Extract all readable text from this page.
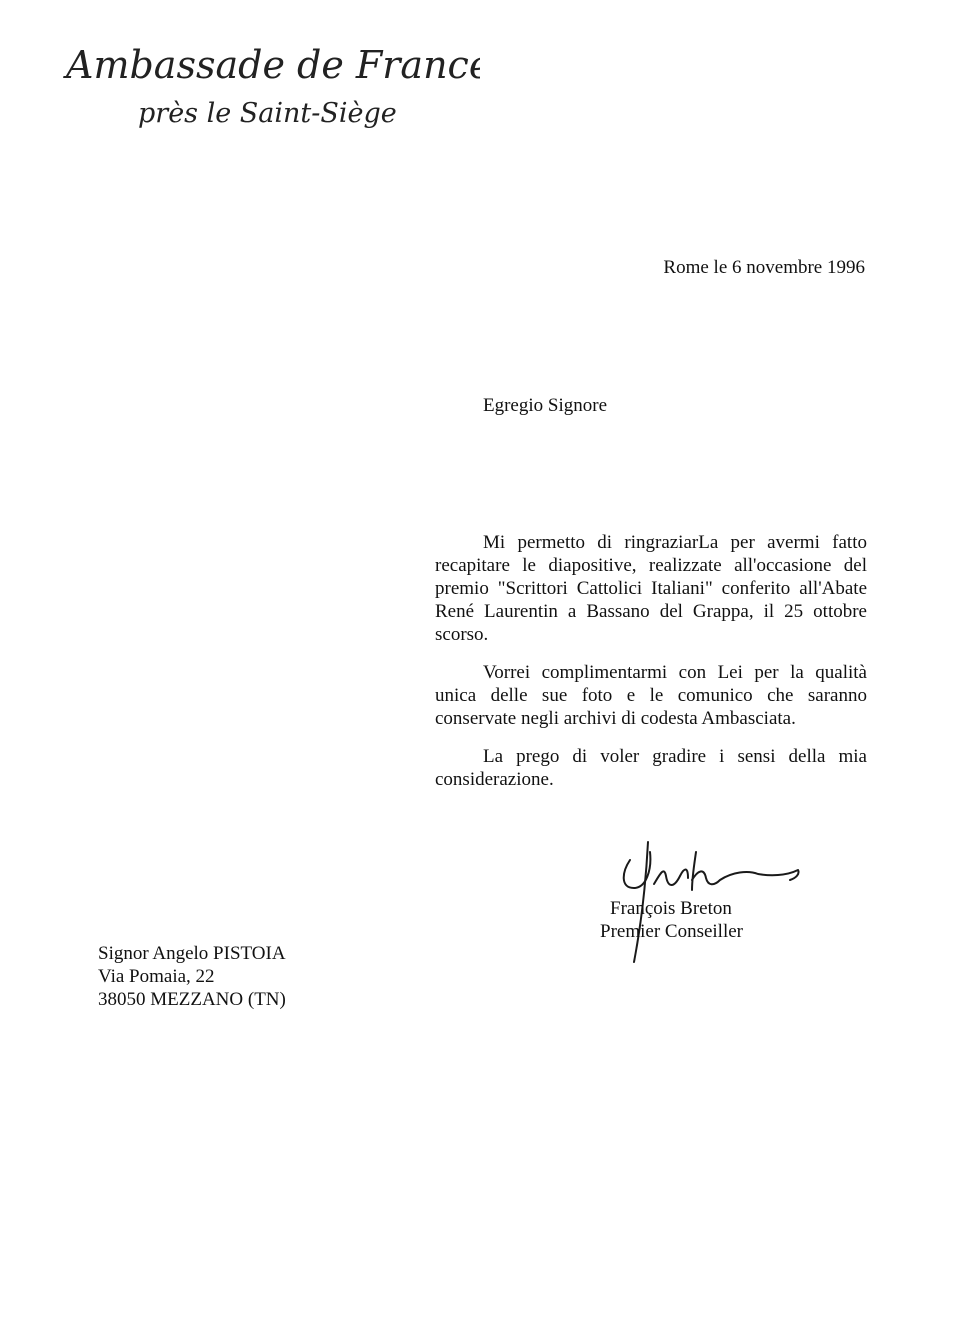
Ambassade de France
près le Saint-Siège
Rome le 6 novembre 1996
Egregio Signore

Mi permetto di ringraziarLa per avermi fatto recapitare le diapositive, realizzate all'occasione del premio "Scrittori Cattolici Italiani" conferito all'Abate René Laurentin a Bassano del Grappa, il 25 ottobre scorso.

Vorrei complimentarmi con Lei per la qualità unica delle sue foto e le comunico che saranno conservate negli archivi di codesta Ambasciata.

La prego di voler gradire i sensi della mia considerazione.

François Breton
Premier Conseiller
Signor Angelo PISTOIA
Via Pomaia, 22
38050 MEZZANO (TN)
